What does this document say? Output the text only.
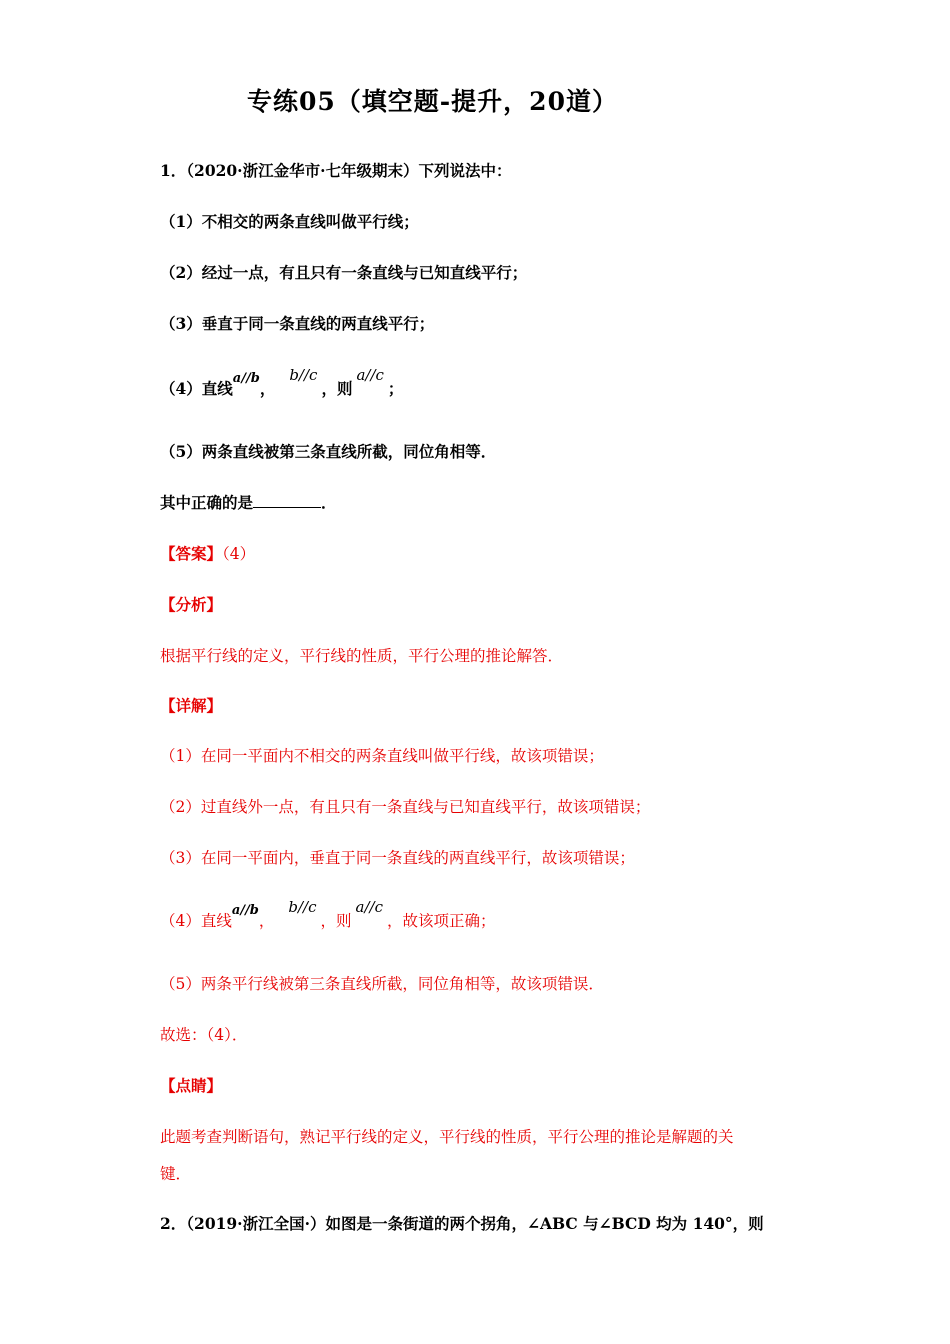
专练05（填空题-提升，20道）
1．（2020·浙江金华市·七年级期末）下列说法中：
（1）不相交的两条直线叫做平行线；
（2）经过一点，有且只有一条直线与已知直线平行；
（3）垂直于同一条直线的两直线平行；
（4）直线a//b，b//c，则a//c；
（5）两条直线被第三条直线所截，同位角相等．
其中正确的是	．
【答案】（4）
【分析】
根据平行线的定义，平行线的性质，平行公理的推论解答．
【详解】
（1）在同一平面内不相交的两条直线叫做平行线，故该项错误；
（2）过直线外一点，有且只有一条直线与已知直线平行，故该项错误；
（3）在同一平面内，垂直于同一条直线的两直线平行，故该项错误；
（4）直线a//b，b//c，则a//c，故该项正确；
（5）两条平行线被第三条直线所截，同位角相等，故该项错误．
故选：（4）．
【点睛】
此题考查判断语句，熟记平行线的定义，平行线的性质，平行公理的推论是解题的关
键．
2．（2019·浙江全国·）如图是一条街道的两个拐角，∠ABC 与∠BCD 均为 140°，则
